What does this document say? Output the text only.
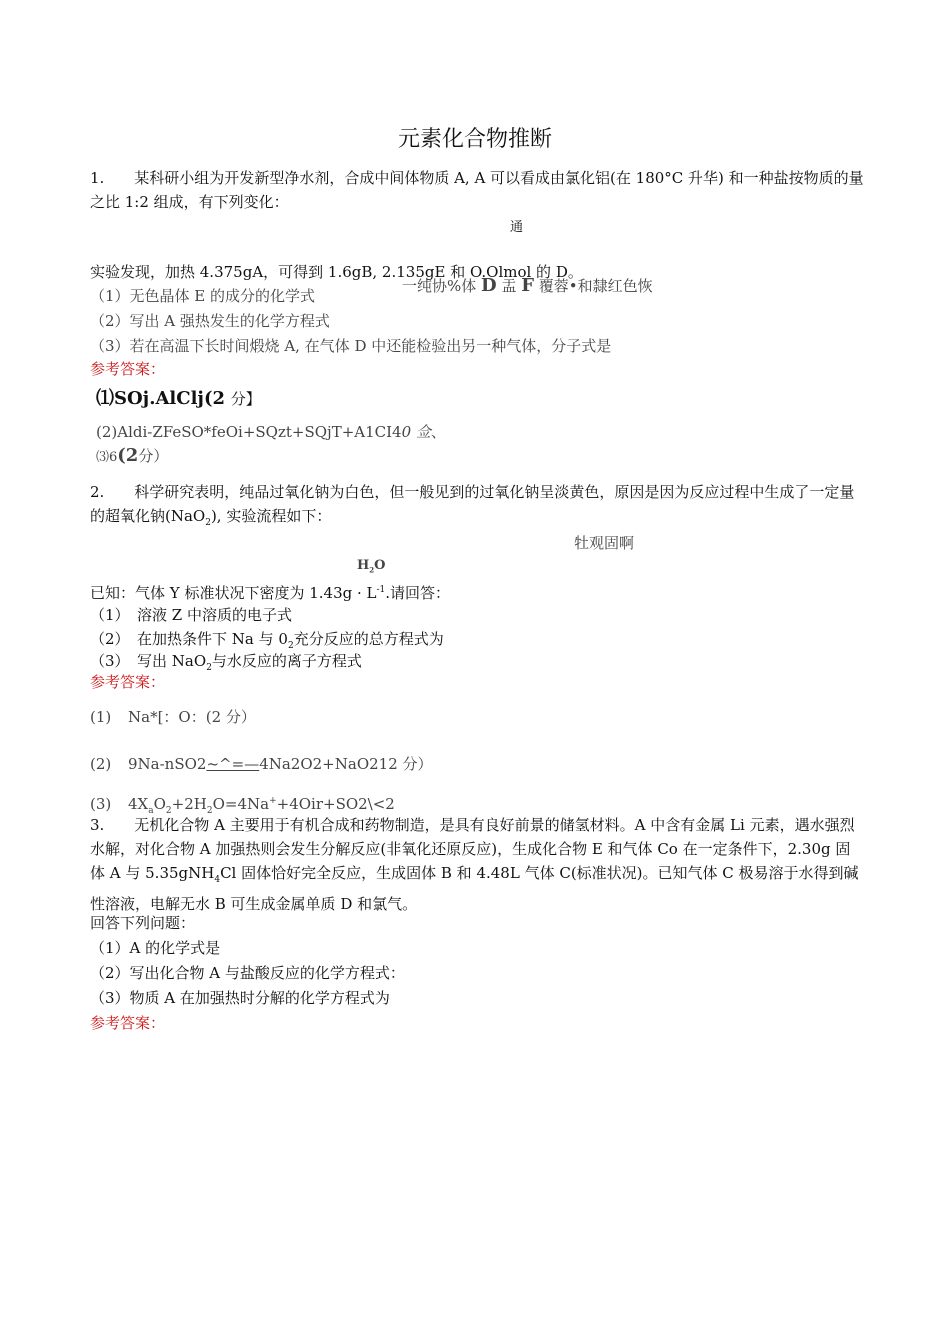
元素化合物推断
1.　　某科研小组为开发新型净水剂，合成中间体物质 A, A 可以看成由氯化铝(在 180°C 升华) 和一种盐按物质的量之比 1:2 组成，有下列变化：
通
实验发现，加热 4.375gA，可得到 1.6gB, 2.135gE 和 O.Olmol 的 D。
一纯协%体 D 盂 F 覆蓉•和隸红色恢
（1）无色晶体 E 的成分的化学式
（2）写出 A 强热发生的化学方程式
（3）若在高温下长时间煅烧 A, 在气体 D 中还能检验出另一种气体，分子式是
参考答案：
⑴SOj.AlClj(2 分】
(2)Aldi-ZFeSO*feOi+SQzt+SQjT+A1CI40 佥、
⑶6(2分）
2.　　科学研究表明，纯品过氧化钠为白色，但一般见到的过氧化钠呈淡黄色，原因是因为反应过程中生成了一定量的超氧化钠(NaO$_2$), 实验流程如下：
牡观固啊
$H_2O$
已知：气体 Y 标准状况下密度为 $1.43g \cdot L^{-1}$.请回答：
（1）　溶液 Z 中溶质的电子式
（2）　在加热条件下 Na 与 $0_2$充分反应的总方程式为
（3）　写出 NaO$_2$与水反应的离子方程式
参考答案：
(1) Na*[：O：(2 分）
(2) 9Na-nSO2~^=—4Na2O2+NaO212 分）
(3) $4X_aO_2+2H_2O=4Na^++4Oir+SO2\backslash<2$
3.　　无机化合物 A 主要用于有机合成和药物制造，是具有良好前景的储氢材料。A 中含有金属 Li 元素，遇水强烈水解，对化合物 A 加强热则会发生分解反应(非氧化还原反应)，生成化合物 E 和气体 Co 在一定条件下，2.30g 固体 A 与 5.35gNH$_4$Cl 固体恰好完全反应，生成固体 B 和 4.48L 气体 C(标准状况)。已知气体 C 极易溶于水得到碱性溶液，电解无水 B 可生成金属单质 D 和氯气。
回答下列问题：
（1）A 的化学式是
（2）写出化合物 A 与盐酸反应的化学方程式：
（3）物质 A 在加强热时分解的化学方程式为
参考答案：
